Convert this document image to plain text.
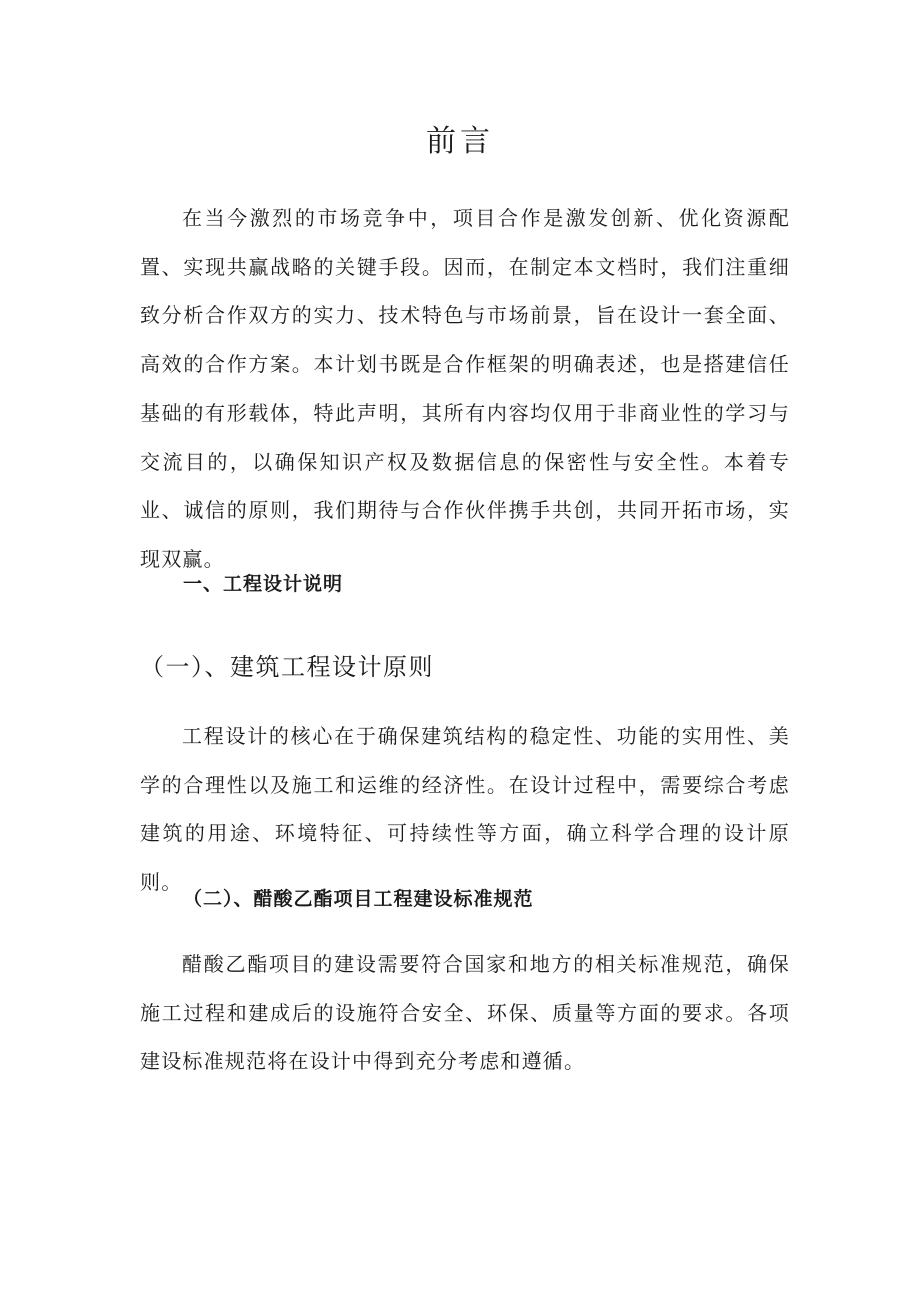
前言

在当今激烈的市场竞争中，项目合作是激发创新、优化资源配置、实现共赢战略的关键手段。因而，在制定本文档时，我们注重细致分析合作双方的实力、技术特色与市场前景，旨在设计一套全面、高效的合作方案。本计划书既是合作框架的明确表述，也是搭建信任基础的有形载体，特此声明，其所有内容均仅用于非商业性的学习与交流目的，以确保知识产权及数据信息的保密性与安全性。本着专业、诚信的原则，我们期待与合作伙伴携手共创，共同开拓市场，实现双赢。

一、工程设计说明
（一）、建筑工程设计原则

工程设计的核心在于确保建筑结构的稳定性、功能的实用性、美学的合理性以及施工和运维的经济性。在设计过程中，需要综合考虑建筑的用途、环境特征、可持续性等方面，确立科学合理的设计原则。

（二）、醋酸乙酯项目工程建设标准规范

醋酸乙酯项目的建设需要符合国家和地方的相关标准规范，确保施工过程和建成后的设施符合安全、环保、质量等方面的要求。各项建设标准规范将在设计中得到充分考虑和遵循。
